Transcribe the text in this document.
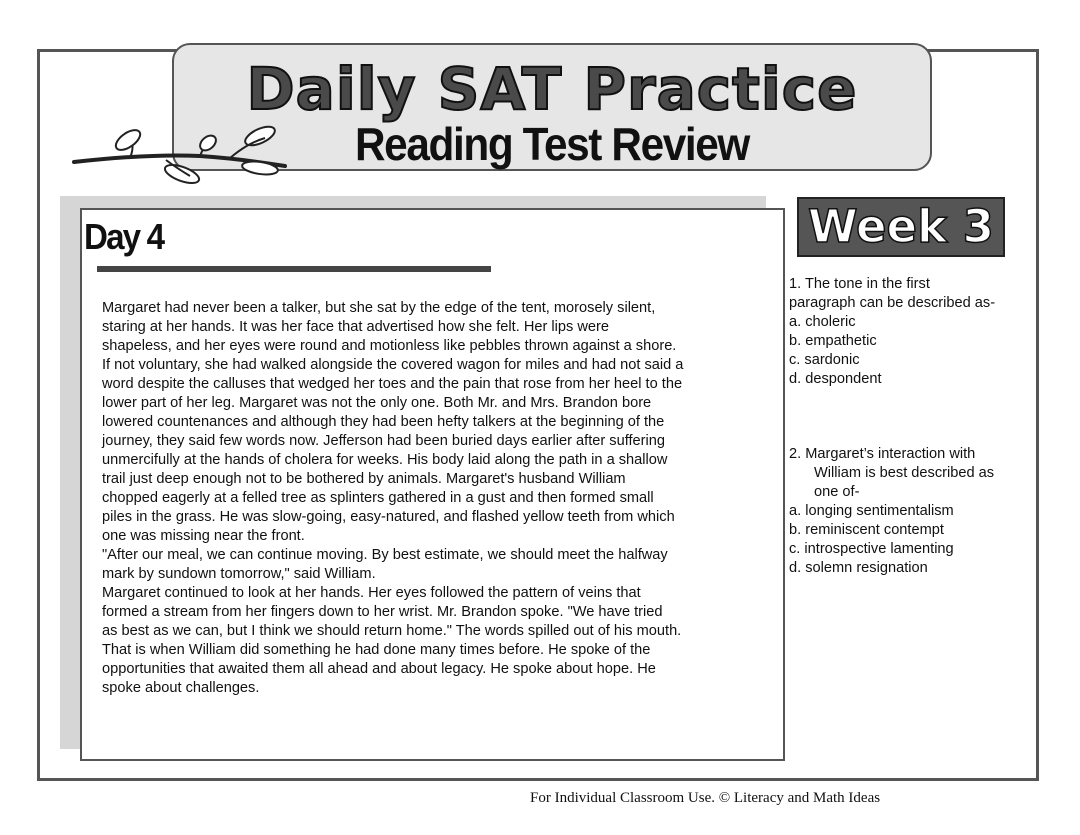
Daily SAT Practice
Reading Test Review
Day 4

Margaret had never been a talker, but she sat by the edge of the tent, morosely silent,
staring at her hands. It was her face that advertised how she felt. Her lips were
shapeless, and her eyes were round and motionless like pebbles thrown against a shore.
If not voluntary, she had walked alongside the covered wagon for miles and had not said a
word despite the calluses that wedged her toes and the pain that rose from her heel to the
lower part of her leg. Margaret was not the only one. Both Mr. and Mrs. Brandon bore
lowered countenances and although they had been hefty talkers at the beginning of the
journey, they said few words now. Jefferson had been buried days earlier after suffering
unmercifully at the hands of cholera for weeks. His body laid along the path in a shallow
trail just deep enough not to be bothered by animals. Margaret's husband William
chopped eagerly at a felled tree as splinters gathered in a gust and then formed small
piles in the grass. He was slow-going, easy-natured, and flashed yellow teeth from which
one was missing near the front.
"After our meal, we can continue moving. By best estimate, we should meet the halfway
mark by sundown tomorrow," said William.
Margaret continued to look at her hands. Her eyes followed the pattern of veins that
formed a stream from her fingers down to her wrist. Mr. Brandon spoke. "We have tried
as best as we can, but I think we should return home." The words spilled out of his mouth.
That is when William did something he had done many times before. He spoke of the
opportunities that awaited them all ahead and about legacy. He spoke about hope. He
spoke about challenges.

Week 3
1. The tone in the first
paragraph can be described as-
a. choleric
b. empathetic
c. sardonic
d. despondent
2. Margaret’s interaction with
William is best described as
one of-
a. longing sentimentalism
b. reminiscent contempt
c. introspective lamenting
d. solemn resignation
For Individual Classroom Use. © Literacy and Math Ideas
